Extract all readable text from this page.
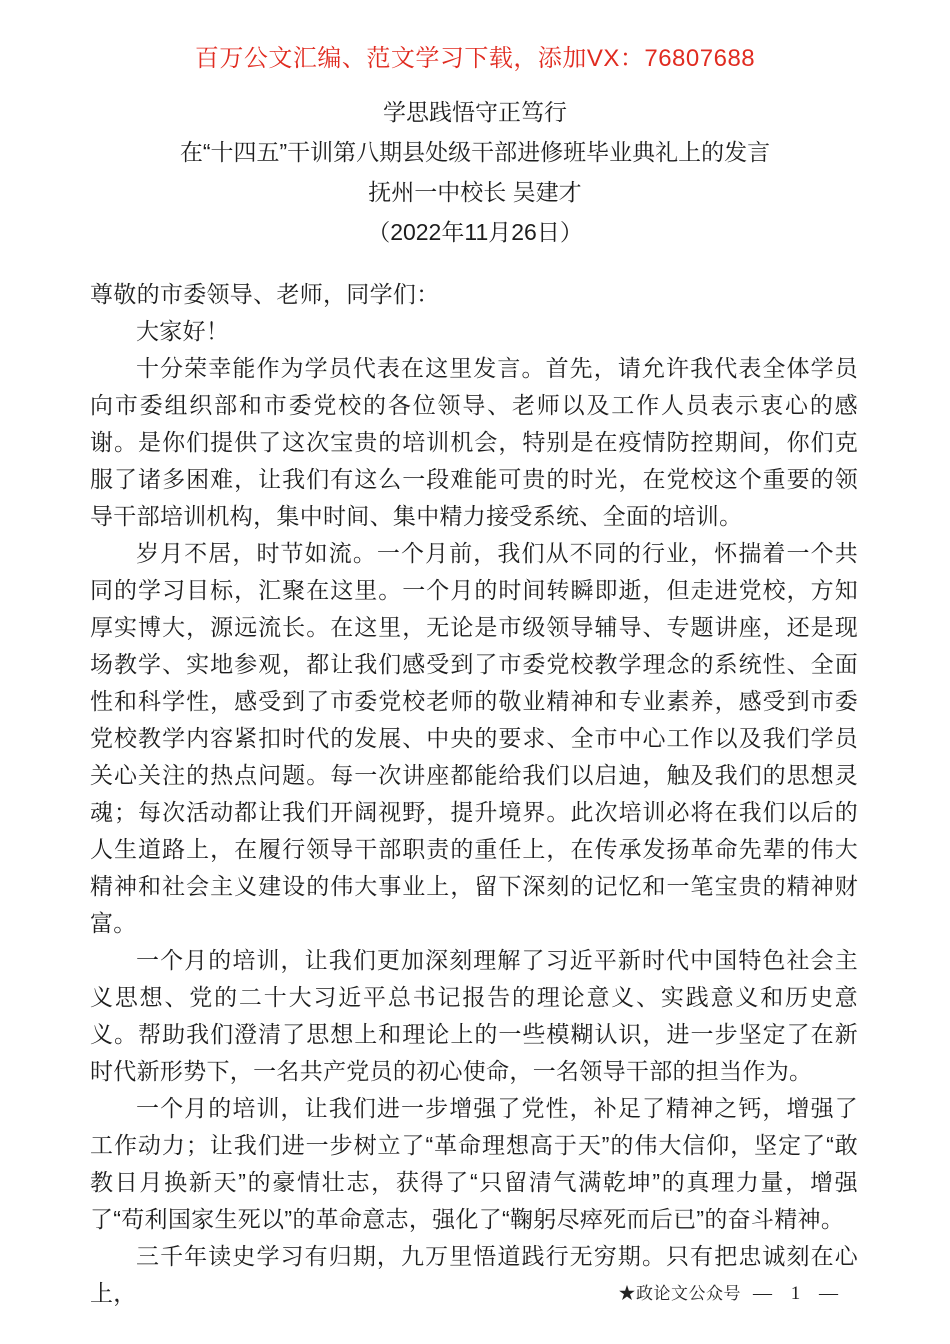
百万公文汇编、范文学习下载，添加VX：76807688
学思践悟守正笃行
在“十四五”干训第八期县处级干部进修班毕业典礼上的发言
抚州一中校长 吴建才
（2022年11月26日）

尊敬的市委领导、老师，同学们：

大家好！

十分荣幸能作为学员代表在这里发言。首先，请允许我代表全体学员向市委组织部和市委党校的各位领导、老师以及工作人员表示衷心的感谢。是你们提供了这次宝贵的培训机会，特别是在疫情防控期间，你们克服了诸多困难，让我们有这么一段难能可贵的时光，在党校这个重要的领导干部培训机构，集中时间、集中精力接受系统、全面的培训。

岁月不居，时节如流。一个月前，我们从不同的行业，怀揣着一个共同的学习目标，汇聚在这里。一个月的时间转瞬即逝，但走进党校，方知厚实博大，源远流长。在这里，无论是市级领导辅导、专题讲座，还是现场教学、实地参观，都让我们感受到了市委党校教学理念的系统性、全面性和科学性，感受到了市委党校老师的敬业精神和专业素养，感受到市委党校教学内容紧扣时代的发展、中央的要求、全市中心工作以及我们学员关心关注的热点问题。每一次讲座都能给我们以启迪，触及我们的思想灵魂；每次活动都让我们开阔视野，提升境界。此次培训必将在我们以后的人生道路上，在履行领导干部职责的重任上，在传承发扬革命先辈的伟大精神和社会主义建设的伟大事业上，留下深刻的记忆和一笔宝贵的精神财富。

一个月的培训，让我们更加深刻理解了习近平新时代中国特色社会主义思想、党的二十大习近平总书记报告的理论意义、实践意义和历史意义。帮助我们澄清了思想上和理论上的一些模糊认识，进一步坚定了在新时代新形势下，一名共产党员的初心使命，一名领导干部的担当作为。

一个月的培训，让我们进一步增强了党性，补足了精神之钙，增强了工作动力；让我们进一步树立了“革命理想高于天”的伟大信仰，坚定了“敢教日月换新天”的豪情壮志，获得了“只留清气满乾坤”的真理力量，增强了“苟利国家生死以”的革命意志，强化了“鞠躬尽瘁死而后已”的奋斗精神。

三千年读史学习有归期，九万里悟道践行无穷期。只有把忠诚刻在心上，	★政论文公众号 — 1 —
